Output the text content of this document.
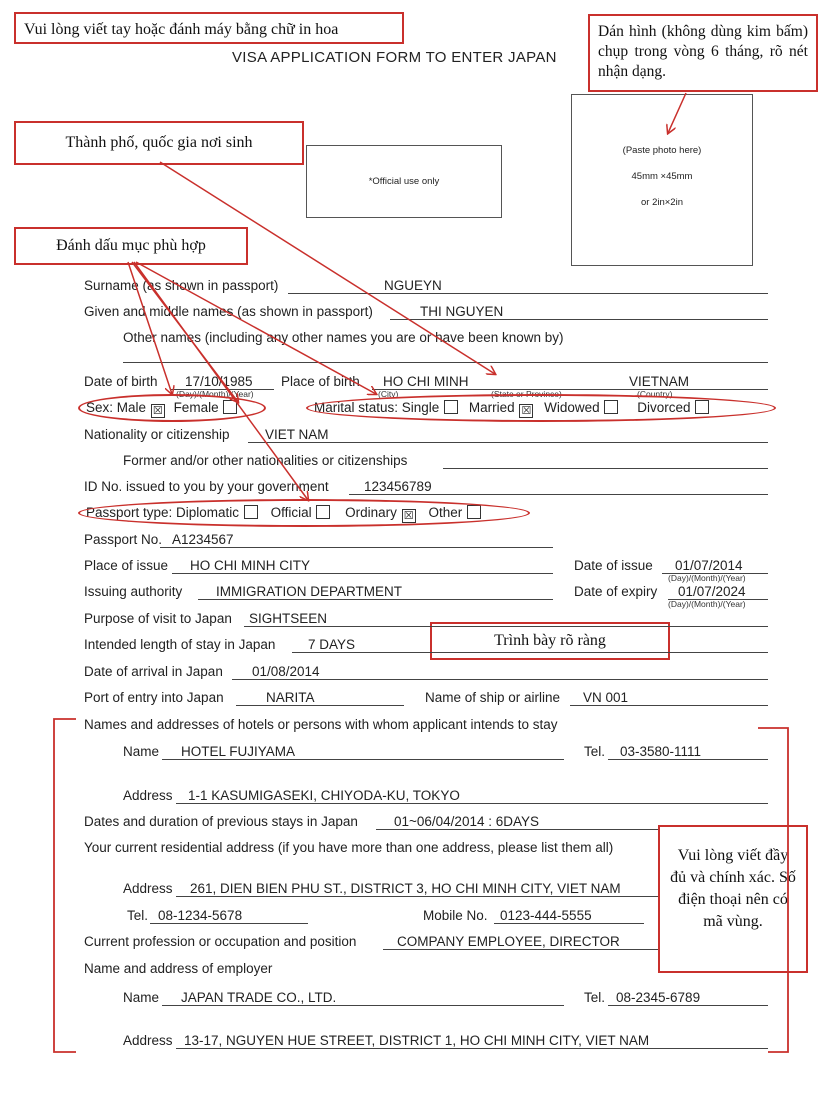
Vui lòng viết tay hoặc đánh máy bằng chữ in hoa
VISA APPLICATION FORM TO ENTER JAPAN
Dán hình (không dùng kim bấm) chụp trong vòng 6 tháng, rõ nét nhận dạng.
*Official use only
(Paste photo here)
45mm ×45mm
or 2in×2in
Thành phố, quốc gia nơi sinh
Đánh dấu mục phù hợp
Trình bày rõ ràng
Vui lòng viết đầy đủ và chính xác. Số điện thoại nên có mã vùng.
Surname (as shown in passport)	NGUEYN
Given and middle names (as shown in passport)	THI NGUYEN
Other names (including any other names you are or have been known by)
Date of birth 17/10/1985
(Day)/(Month)/(Year)
Place of birth HO CHI MINH	VIETNAM
(City)	(State or Province)	(Country)
Sex: Male ☒ Female	Marital status: Single Married ☒ Widowed	Divorced
Nationality or citizenship	VIET NAM
Former and/or other nationalities or citizenships
ID No. issued to you by your government	123456789
Passport type: Diplomatic Official Ordinary ☒ Other
Passport No. A1234567
Place of issue HO CHI MINH CITY	Date of issue 01/07/2014
(Day)/(Month)/(Year)
Issuing authority IMMIGRATION DEPARTMENT	Date of expiry 01/07/2024
(Day)/(Month)/(Year)
Purpose of visit to Japan SIGHTSEEN
Intended length of stay in Japan 7 DAYS
Date of arrival in Japan 01/08/2014
Port of entry into Japan	NARITA	Name of ship or airline VN 001
Names and addresses of hotels or persons with whom applicant intends to stay
Name HOTEL FUJIYAMA	Tel. 03-3580-1111
Address 1-1 KASUMIGASEKI, CHIYODA-KU, TOKYO
Dates and duration of previous stays in Japan	01~06/04/2014 : 6DAYS
Your current residential address (if you have more than one address, please list them all)
Address 261, DIEN BIEN PHU ST., DISTRICT 3, HO CHI MINH CITY, VIET NAM
Tel. 08-1234-5678	Mobile No. 0123-444-5555
Current profession or occupation and position	COMPANY EMPLOYEE, DIRECTOR
Name and address of employer
Name JAPAN TRADE CO., LTD.	Tel. 08-2345-6789
Address 13-17, NGUYEN HUE STREET, DISTRICT 1, HO CHI MINH CITY, VIET NAM
